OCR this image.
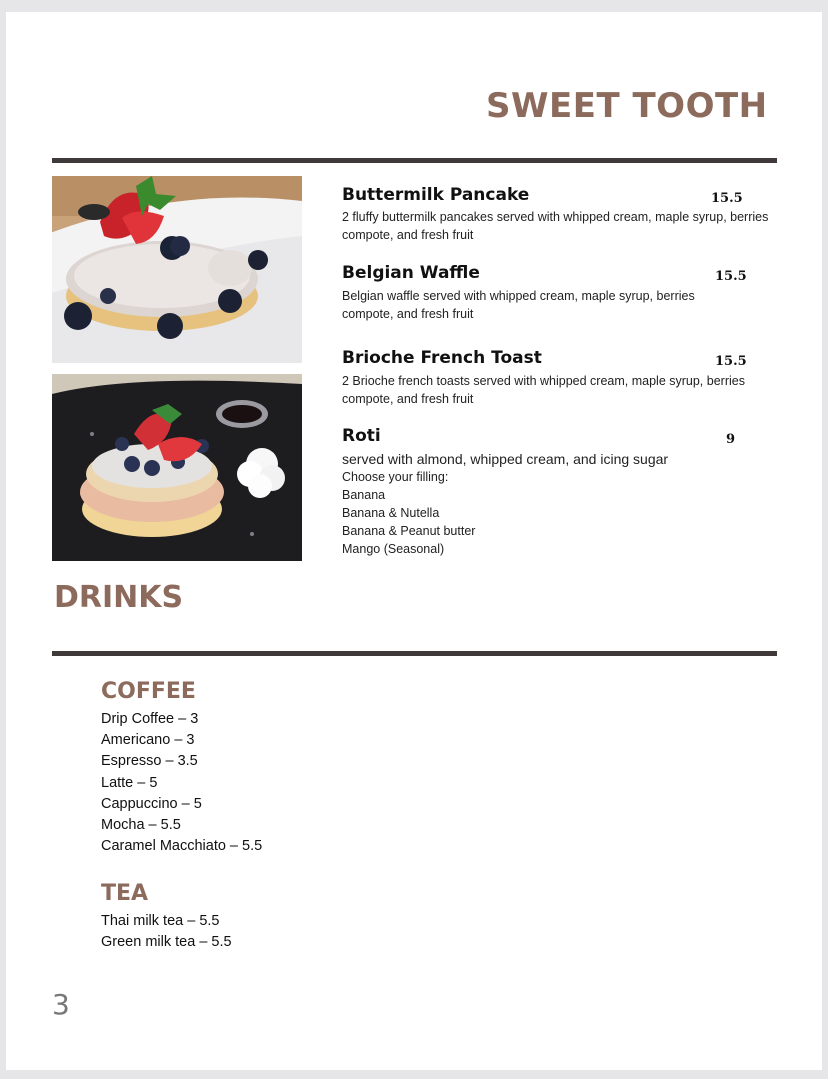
SWEET TOOTH
Buttermilk Pancake	15.5
2 fluffy buttermilk pancakes served with whipped cream, maple syrup, berries compote, and fresh fruit
Belgian Waffle	15.5
Belgian waffle served with whipped cream, maple syrup, berries compote, and fresh fruit
Brioche French Toast	15.5
2 Brioche french toasts served with whipped cream, maple syrup, berries compote, and fresh fruit
Roti	9
served with almond, whipped cream, and icing sugar
Choose your filling:
Banana
Banana & Nutella
Banana & Peanut butter
Mango (Seasonal)
DRINKS
COFFEE
Drip Coffee – 3
Americano – 3
Espresso – 3.5
Latte – 5
Cappuccino – 5
Mocha – 5.5
Caramel Macchiato – 5.5
TEA
Thai milk tea – 5.5
Green milk tea – 5.5
3
